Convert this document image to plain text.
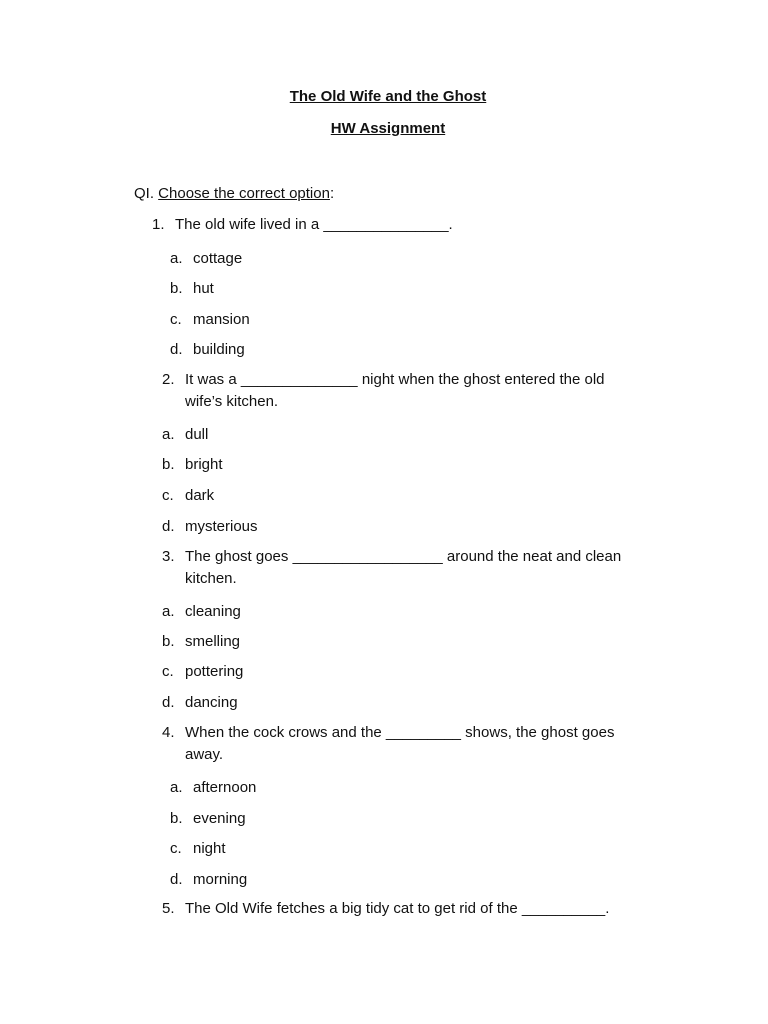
The Old Wife and the Ghost
HW Assignment
QI. Choose the correct option:
1. The old wife lived in a _______________.
a. cottage
b. hut
c. mansion
d. building
2. It was a ______________ night when the ghost entered the old
wife’s kitchen.
a. dull
b. bright
c. dark
d. mysterious
3. The ghost goes __________________ around the neat and clean
kitchen.
a. cleaning
b. smelling
c. pottering
d. dancing
4. When the cock crows and the _________ shows, the ghost goes
away.
a. afternoon
b. evening
c. night
d. morning
5. The Old Wife fetches a big tidy cat to get rid of the __________.
